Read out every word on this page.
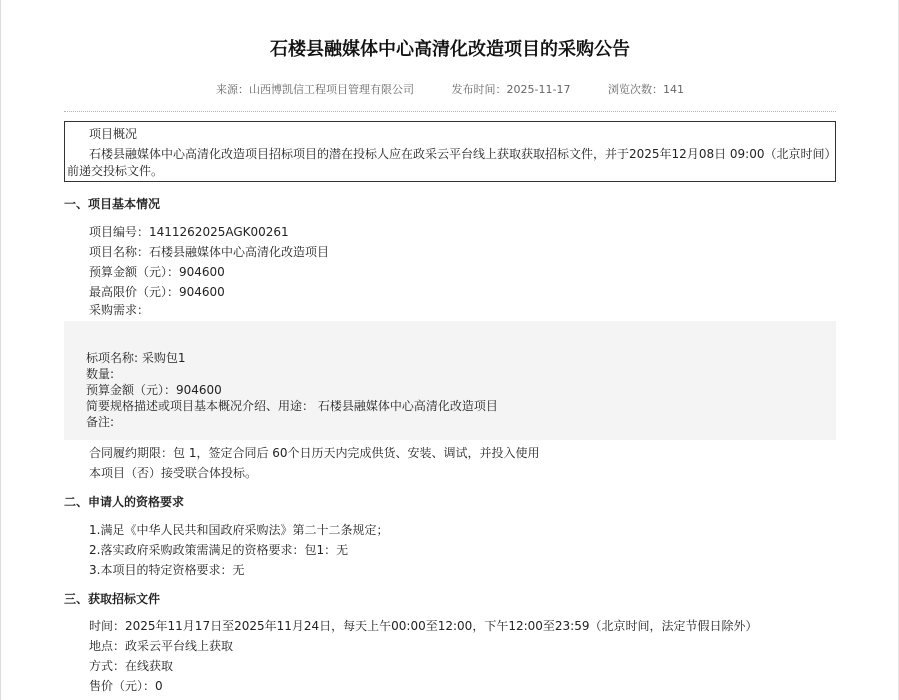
石楼县融媒体中心高清化改造项目的采购公告
来源：山西博凯信工程项目管理有限公司	发布时间：2025-11-17	浏览次数：141
项目概况
石楼县融媒体中心高清化改造项目招标项目的潜在投标人应在政采云平台线上获取获取招标文件，并于2025年12月08日 09:00（北京时间）前递交投标文件。
一、项目基本情况
项目编号：1411262025AGK00261
项目名称：石楼县融媒体中心高清化改造项目
预算金额（元）：904600
最高限价（元）：904600
采购需求：
标项名称: 采购包1
数量:
预算金额（元）：904600
简要规格描述或项目基本概况介绍、用途： 石楼县融媒体中心高清化改造项目
备注:
合同履约期限：包 1，签定合同后 60个日历天内完成供货、安装、调试，并投入使用
本项目（否）接受联合体投标。
二、申请人的资格要求
1.满足《中华人民共和国政府采购法》第二十二条规定；
2.落实政府采购政策需满足的资格要求：包1：无
3.本项目的特定资格要求：无
三、获取招标文件
时间：2025年11月17日至2025年11月24日，每天上午00:00至12:00，下午12:00至23:59（北京时间，法定节假日除外）
地点：政采云平台线上获取
方式：在线获取
售价（元）：0
